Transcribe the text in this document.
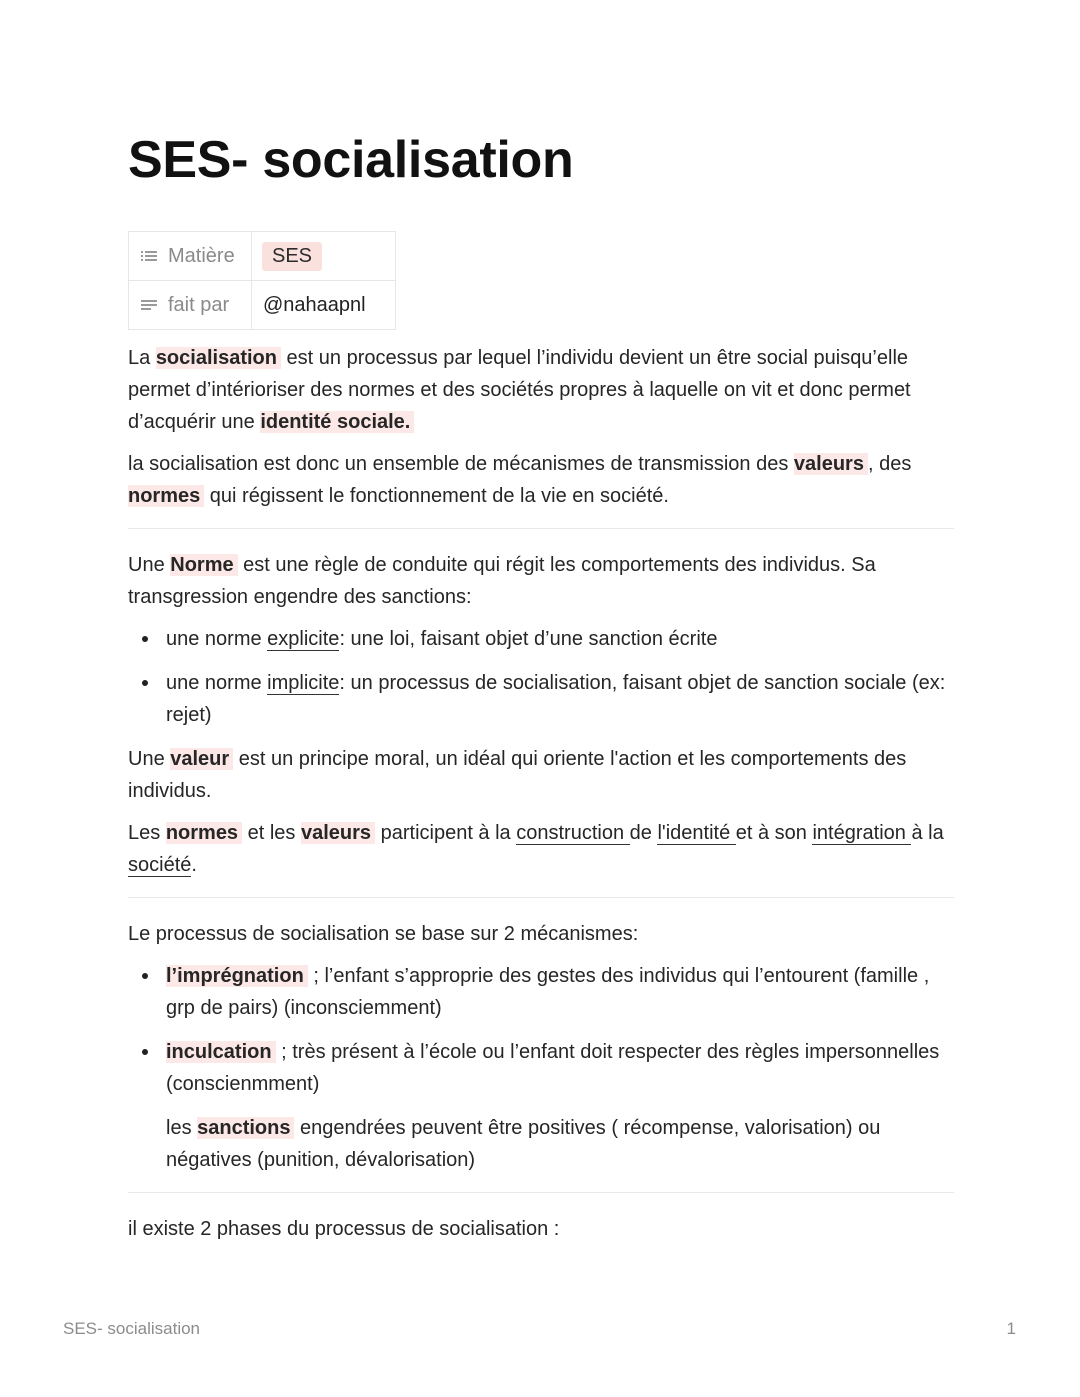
SES- socialisation
Matière	SES

fait par	@nahaapnl

La socialisation est un processus par lequel l’individu devient un être social puisqu’elle permet d’intérioriser des normes et des sociétés propres à laquelle on vit et donc permet d’acquérir une identité sociale.

la socialisation est donc un ensemble de mécanismes de transmission des valeurs , des normes qui régissent le fonctionnement de la vie en société.

Une Norme est une règle de conduite qui régit les comportements des individus. Sa transgression engendre des sanctions:

une norme explicite: une loi, faisant objet d’une sanction écrite
une norme implicite: un processus de socialisation, faisant objet de sanction sociale (ex: rejet)

Une valeur est un principe moral, un idéal qui oriente l'action et les comportements des individus.

Les normes et les valeurs participent à la construction de l'identité et à son intégration à la société.

Le processus de socialisation se base sur 2 mécanismes:

l’imprégnation ; l’enfant s’approprie des gestes des individus qui l’entourent (famille , grp de pairs) (inconsciemment)
inculcation ; très présent à l’école ou l’enfant doit respecter des règles impersonnelles (conscienmment)

les sanctions engendrées peuvent être positives ( récompense, valorisation) ou négatives (punition, dévalorisation)

il existe 2 phases du processus de socialisation :

SES- socialisation	1
